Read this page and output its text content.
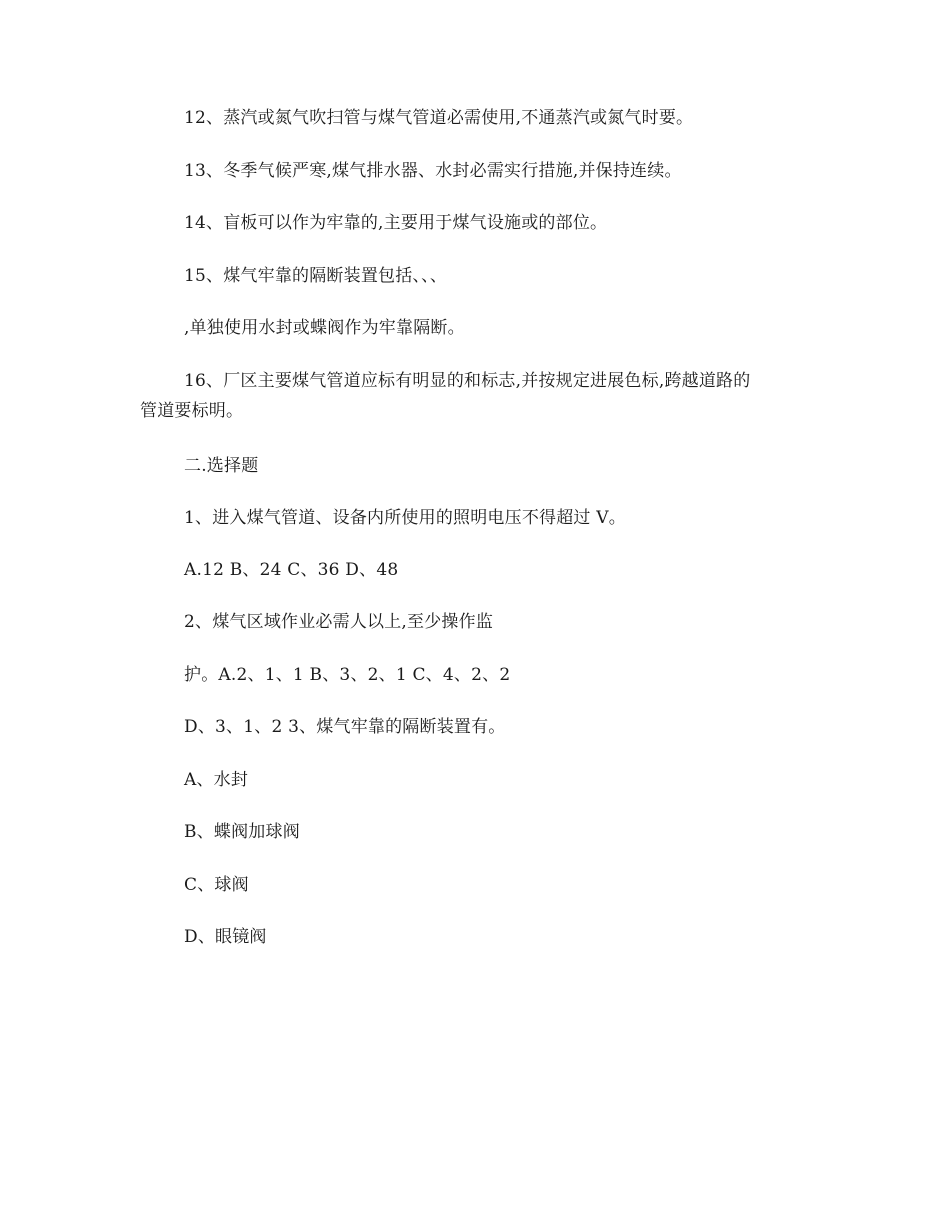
12、蒸汽或氮气吹扫管与煤气管道必需使用,不通蒸汽或氮气时要。
13、冬季气候严寒,煤气排水器、水封必需实行措施,并保持连续。
14、盲板可以作为牢靠的,主要用于煤气设施或的部位。
15、煤气牢靠的隔断装置包括、、、
,单独使用水封或蝶阀作为牢靠隔断。
16、厂区主要煤气管道应标有明显的和标志,并按规定进展色标,跨越道路的
管道要标明。
二.选择题
1、进入煤气管道、设备内所使用的照明电压不得超过 V。
A.12 B、24 C、36 D、48
2、煤气区域作业必需人以上,至少操作监
护。A.2、1、1 B、3、2、1 C、4、2、2
D、3、1、2 3、煤气牢靠的隔断装置有。
A、水封
B、蝶阀加球阀
C、球阀
D、眼镜阀
